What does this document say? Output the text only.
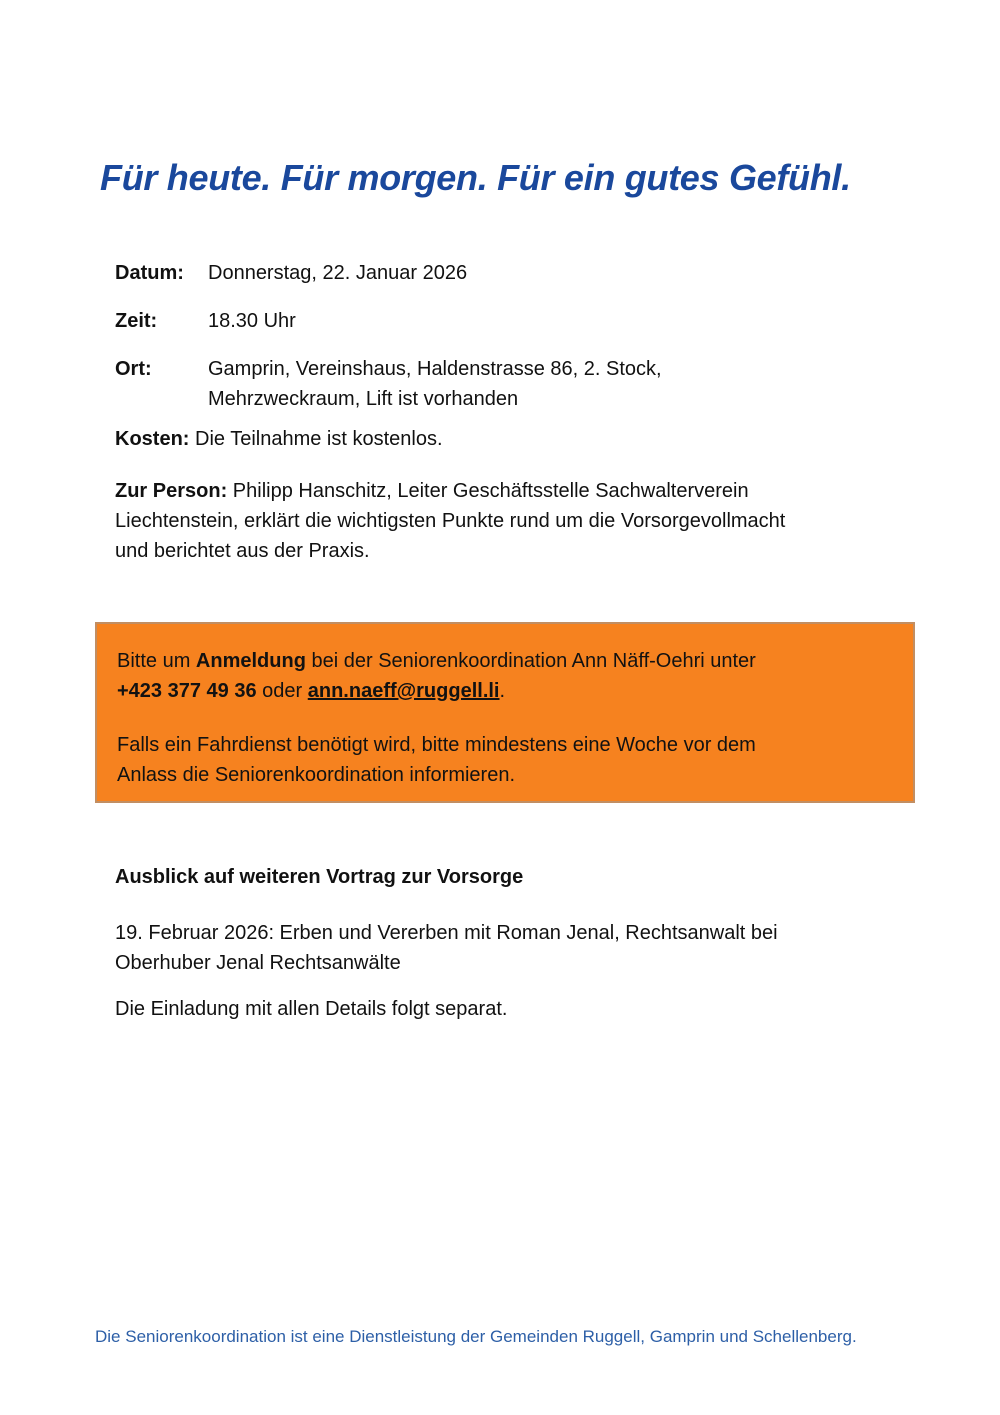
Für heute. Für morgen. Für ein gutes Gefühl.
Datum:	Donnerstag, 22. Januar 2026
Zeit:	18.30 Uhr
Ort:	Gamprin, Vereinshaus, Haldenstrasse 86, 2. Stock,
Mehrzweckraum, Lift ist vorhanden

Kosten: Die Teilnahme ist kostenlos.

Zur Person: Philipp Hanschitz, Leiter Geschäftsstelle Sachwalterverein
Liechtenstein, erklärt die wichtigsten Punkte rund um die Vorsorgevollmacht
und berichtet aus der Praxis.

Bitte um Anmeldung bei der Seniorenkoordination Ann Näff-Oehri unter
+423 377 49 36 oder ann.naeff@ruggell.li.

Falls ein Fahrdienst benötigt wird, bitte mindestens eine Woche vor dem
Anlass die Seniorenkoordination informieren.

Ausblick auf weiteren Vortrag zur Vorsorge

19. Februar 2026: Erben und Vererben mit Roman Jenal, Rechtsanwalt bei
Oberhuber Jenal Rechtsanwälte

Die Einladung mit allen Details folgt separat.

Die Seniorenkoordination ist eine Dienstleistung der Gemeinden Ruggell, Gamprin und Schellenberg.
